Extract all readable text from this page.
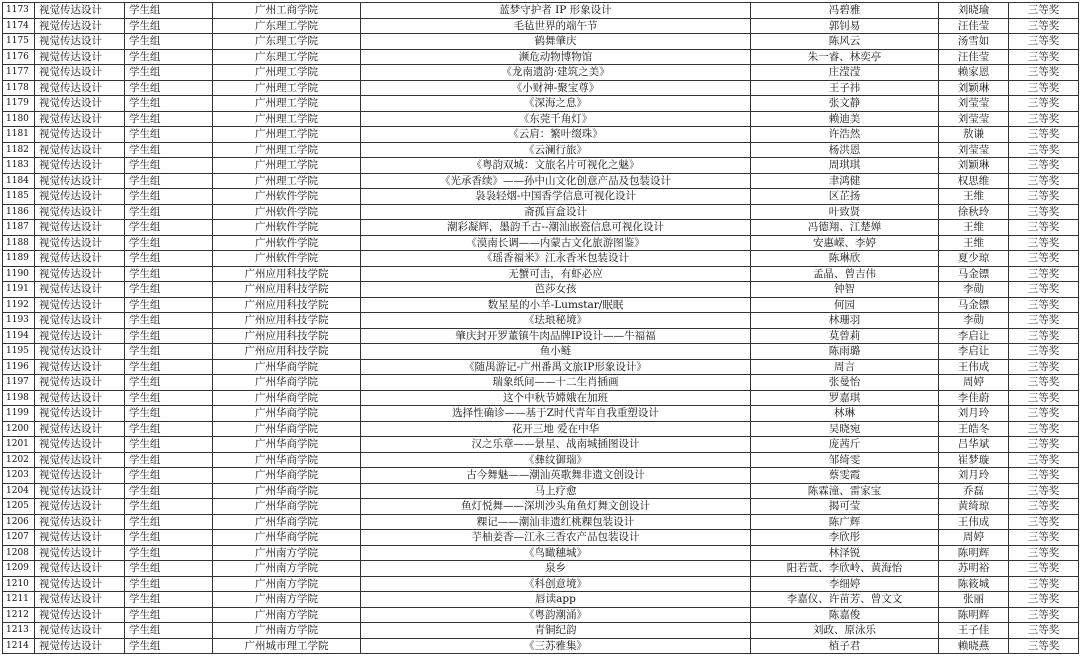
1173	视觉传达设计	学生组	广州工商学院	蓝梦守护者 IP 形象设计	冯碧雅	刘晓瑜	三等奖
1174	视觉传达设计	学生组	广东理工学院	毛毡世界的端午节	郭钊易	汪佳莹	三等奖
1175	视觉传达设计	学生组	广东理工学院	鹤舞肇庆	陈风云	汤雪如	三等奖
1176	视觉传达设计	学生组	广东理工学院	濒危动物博物馆	朱一睿、林奕亭	汪佳莹	三等奖
1177	视觉传达设计	学生组	广州理工学院	《龙南遗韵·建筑之美》	庄滢滢	赖家恩	三等奖
1178	视觉传达设计	学生组	广州理工学院	《小财神-聚宝尊》	王子祎	刘颖琳	三等奖
1179	视觉传达设计	学生组	广州理工学院	《深海之息》	张文静	刘莹莹	三等奖
1180	视觉传达设计	学生组	广州理工学院	《东莞千角灯》	赖迪美	刘莹莹	三等奖
1181	视觉传达设计	学生组	广州理工学院	《云肩：繁叶缀珠》	许浩然	敖谦	三等奖
1182	视觉传达设计	学生组	广州理工学院	《云澜行旅》	杨洪恩	刘莹莹	三等奖
1183	视觉传达设计	学生组	广州理工学院	《粤韵双城：文旅名片可视化之魅》	周琪琪	刘颖琳	三等奖
1184	视觉传达设计	学生组	广州理工学院	《光承香续》——孙中山文化创意产品及包装设计	聿鸿健	权思维	三等奖
1185	视觉传达设计	学生组	广州软件学院	袅袅轻烟-中国香学信息可视化设计	区芷扬	王维	三等奖
1186	视觉传达设计	学生组	广州软件学院	斋孤盲盒设计	叶致贤	徐秋玲	三等奖
1187	视觉传达设计	学生组	广州软件学院	潮彩凝辉，墨韵千古--潮汕嵌瓷信息可视化设计	冯德翔、江楚婵	王维	三等奖
1188	视觉传达设计	学生组	广州软件学院	《漠南长调——内蒙古文化旅游图鉴》	安惠嵘、李婷	王维	三等奖
1189	视觉传达设计	学生组	广州软件学院	《瑶香福米》江永香米包装设计	陈琳欣	夏少琼	三等奖
1190	视觉传达设计	学生组	广州应用科技学院	无蟹可击，有虾必应	孟晶、曾吉伟	马金镖	三等奖
1191	视觉传达设计	学生组	广州应用科技学院	芭莎女孩	钟智	李勋	三等奖
1192	视觉传达设计	学生组	广州应用科技学院	数星星的小羊-Lumstar/眠眠	何园	马金镖	三等奖
1193	视觉传达设计	学生组	广州应用科技学院	《珐琅秘境》	林珊羽	李勋	三等奖
1194	视觉传达设计	学生组	广州应用科技学院	肇庆封开罗董镇牛肉品牌IP设计——牛福福	莫曾莉	李启让	三等奖
1195	视觉传达设计	学生组	广州应用科技学院	鱼小鲢	陈雨璐	李启让	三等奖
1196	视觉传达设计	学生组	广州华商学院	《随禺游记-广州番禺文旅IP形象设计》	周言	王伟成	三等奖
1197	视觉传达设计	学生组	广州华商学院	瑞象纸间——十二生肖插画	张曼怡	周婷	三等奖
1198	视觉传达设计	学生组	广州华商学院	这个中秋节嫦娥在加班	罗嘉琪	李佳蔚	三等奖
1199	视觉传达设计	学生组	广州华商学院	选择性确诊——基于Z时代青年自我重塑设计	林琳	刘月玲	三等奖
1200	视觉传达设计	学生组	广州华商学院	花开三地 爱在中华	吴晓宛	王皓冬	三等奖
1201	视觉传达设计	学生组	广州华商学院	汉之乐章——景星、战南城插图设计	庞茜斤	吕华斌	三等奖
1202	视觉传达设计	学生组	广州华商学院	《彝纹御瑞》	邹绮雯	崔梦璇	三等奖
1203	视觉传达设计	学生组	广州华商学院	古今舞魅——潮汕英歌舞非遗文创设计	蔡雯霞	刘月玲	三等奖
1204	视觉传达设计	学生组	广州华商学院	马上疗愈	陈霖潼、雷家宝	乔磊	三等奖
1205	视觉传达设计	学生组	广州华商学院	鱼灯悦舞——深圳沙头角鱼灯舞文创设计	揭可莹	黄绮琼	三等奖
1206	视觉传达设计	学生组	广州华商学院	粿记——潮汕非遗红桃粿包装设计	陈广辉	王伟成	三等奖
1207	视觉传达设计	学生组	广州华商学院	芋柚姜香—江永三香农产品包装设计	李欣彤	周婷	三等奖
1208	视觉传达设计	学生组	广州南方学院	《鸟瞰穗城》	林泽锐	陈明辉	三等奖
1209	视觉传达设计	学生组	广州南方学院	泉乡	阳若萱、李欣岭、黄海怡	苏明裕	三等奖
1210	视觉传达设计	学生组	广州南方学院	《科创意境》	李细婷	陈筱城	三等奖
1211	视觉传达设计	学生组	广州南方学院	唇读app	李嘉仪、许苗芳、曾文文	张丽	三等奖
1212	视觉传达设计	学生组	广州南方学院	《粤韵潮涌》	陈嘉俊	陈明辉	三等奖
1213	视觉传达设计	学生组	广州南方学院	青铜纪韵	刘政、原泳乐	王子佳	三等奖
1214	视觉传达设计	学生组	广州城市理工学院	《三苏雅集》	植子君	赖晓燕	三等奖
